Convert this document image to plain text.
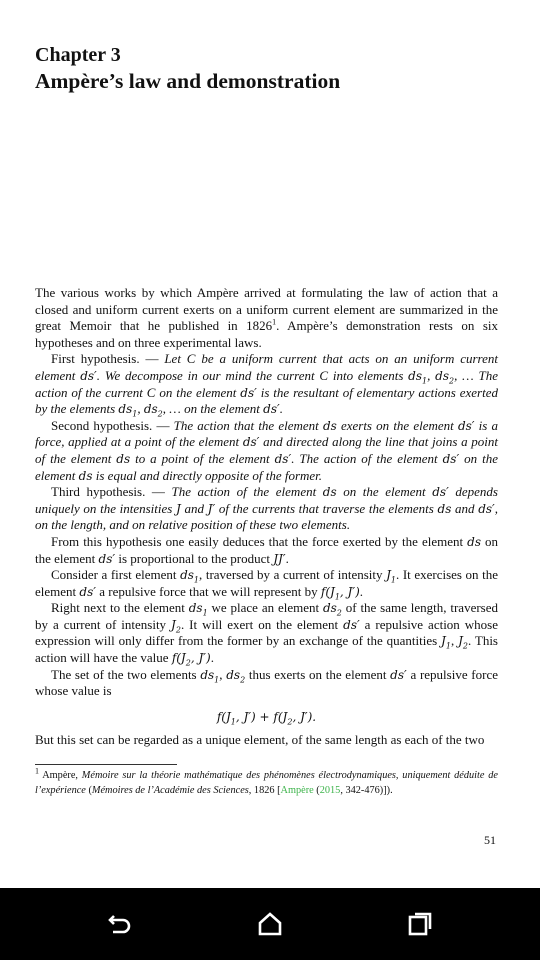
Chapter 3
Ampère’s law and demonstration

The various works by which Ampère arrived at formulating the law of action that a closed and uniform current exerts on a uniform current element are summarized in the great Memoir that he published in 1826$^1$. Ampère’s demonstration rests on six hypotheses and on three experimental laws.

First hypothesis. — Let C be a uniform current that acts on an uniform current element ds′. We decompose in our mind the current C into elements $ds_1$, $ds_2$, … The action of the current C on the element ds′ is the resultant of elementary actions exerted by the elements $ds_1$, $ds_2$, … on the element ds′.

Second hypothesis. — The action that the element ds exerts on the element ds′ is a force, applied at a point of the element ds′ and directed along the line that joins a point of the element ds to a point of the element ds′. The action of the element ds′ on the element ds is equal and directly opposite of the former.

Third hypothesis. — The action of the element ds on the element ds′ depends uniquely on the intensities J and J′ of the currents that traverse the elements ds and ds′, on the length, and on relative position of these two elements.

From this hypothesis one easily deduces that the force exerted by the element ds on the element ds′ is proportional to the product JJ′.

Consider a first element $ds_1$, traversed by a current of intensity $J_1$. It exercises on the element ds′ a repulsive force that we will represent by $f(J_1$, J′).

Right next to the element $ds_1$ we place an element $ds_2$ of the same length, traversed by a current of intensity $J_2$. It will exert on the element ds′ a repulsive action whose expression will only differ from the former by an exchange of the quantities $J_1$, $J_2$. This action will have the value $f(J_2$, J′).

The set of the two elements $ds_1$, $ds_2$ thus exerts on the element ds′ a repulsive force whose value is

$f(J_1$, $J') + f(J_2$, J′).

But this set can be regarded as a unique element, of the same length as each of the two

$^1$ Ampère, Mémoire sur la théorie mathématique des phénomènes électrodynamiques, uniquement déduite de l’expérience (Mémoires de l’Académie des Sciences, 1826 [Ampère (2015, 342-476)]).
51
